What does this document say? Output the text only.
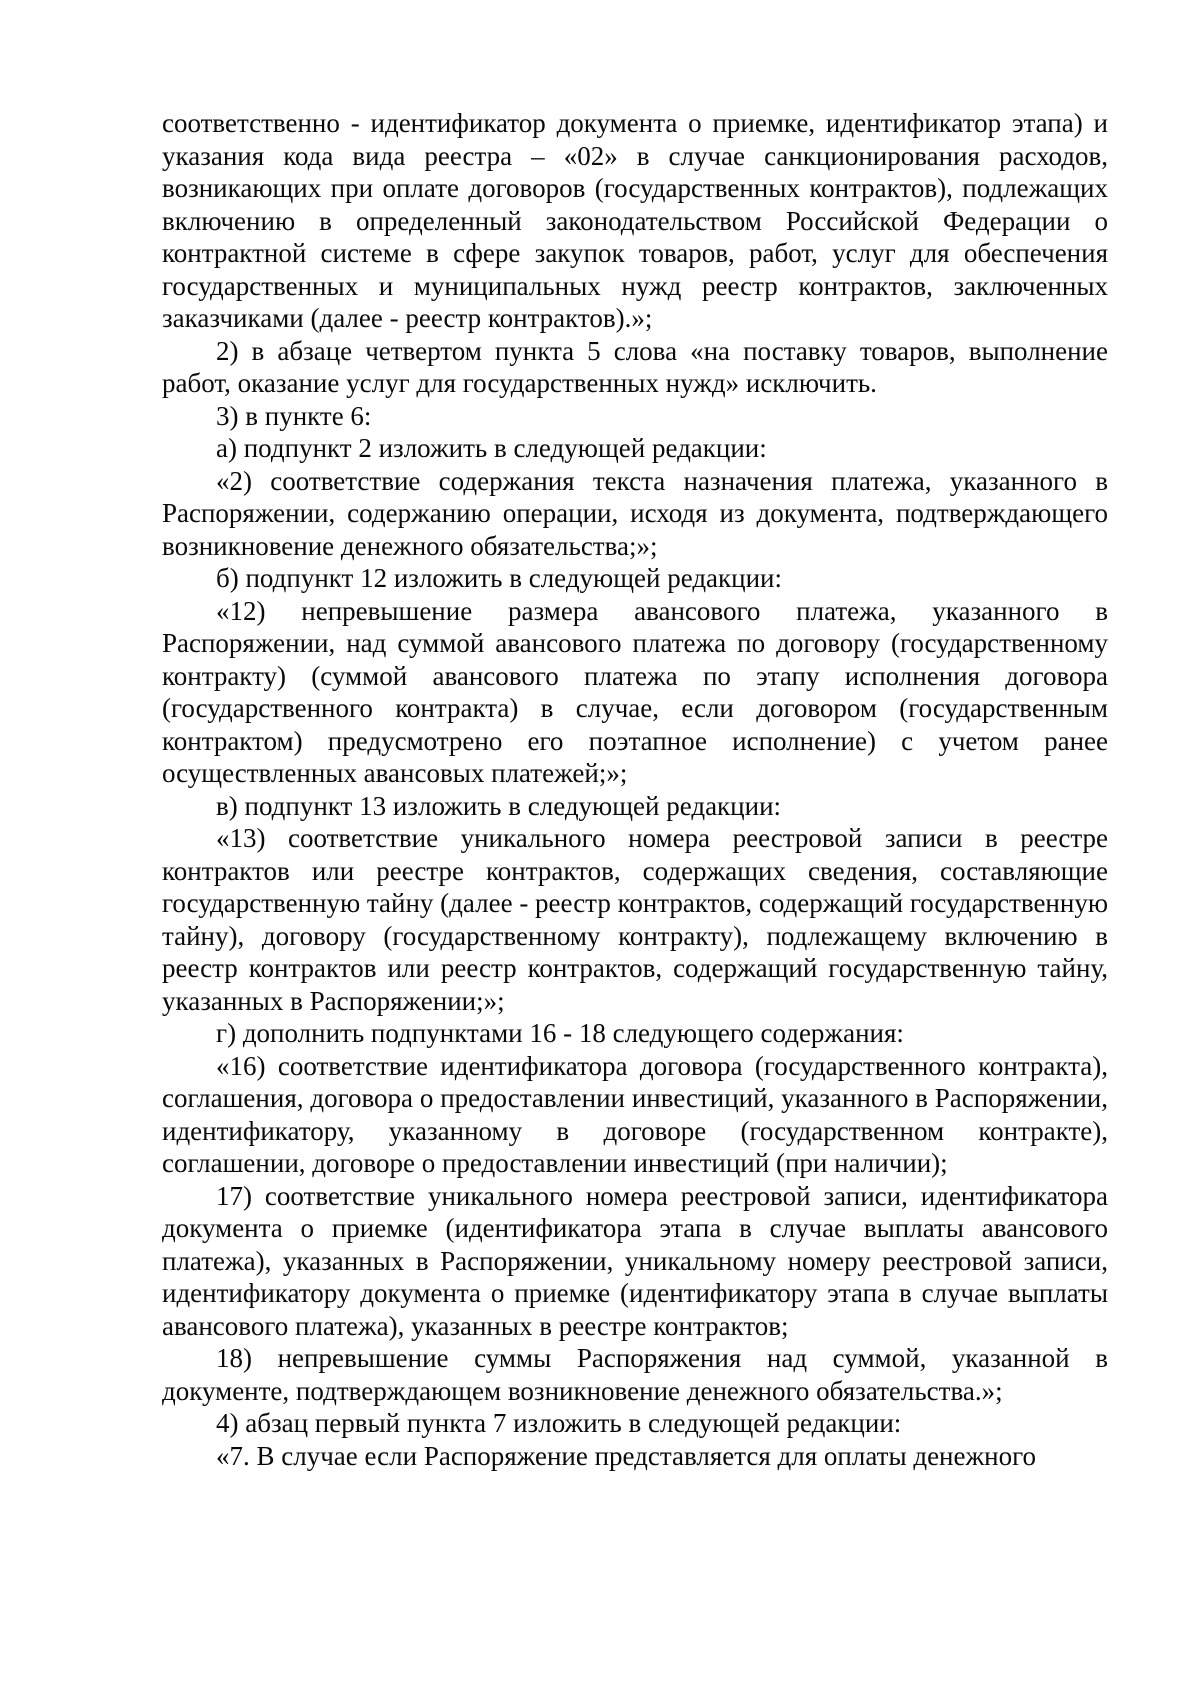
соответственно - идентификатор документа о приемке, идентификатор этапа) и указания кода вида реестра – «02» в случае санкционирования расходов, возникающих при оплате договоров (государственных контрактов), подлежащих включению в определенный законодательством Российской Федерации о контрактной системе в сфере закупок товаров, работ, услуг для обеспечения государственных и муниципальных нужд реестр контрактов, заключенных заказчиками (далее - реестр контрактов).»;

2) в абзаце четвертом пункта 5 слова «на поставку товаров, выполнение работ, оказание услуг для государственных нужд» исключить.

3) в пункте 6:

а) подпункт 2 изложить в следующей редакции:

«2) соответствие содержания текста назначения платежа, указанного в Распоряжении, содержанию операции, исходя из документа, подтверждающего возникновение денежного обязательства;»;

б) подпункт 12 изложить в следующей редакции:

«12) непревышение размера авансового платежа, указанного в Распоряжении, над суммой авансового платежа по договору (государственному контракту) (суммой авансового платежа по этапу исполнения договора (государственного контракта) в случае, если договором (государственным контрактом) предусмотрено его поэтапное исполнение) с учетом ранее осуществленных авансовых платежей;»;

в) подпункт 13 изложить в следующей редакции:

«13) соответствие уникального номера реестровой записи в реестре контрактов или реестре контрактов, содержащих сведения, составляющие государственную тайну (далее - реестр контрактов, содержащий государственную тайну), договору (государственному контракту), подлежащему включению в реестр контрактов или реестр контрактов, содержащий государственную тайну, указанных в Распоряжении;»;

г) дополнить подпунктами 16 - 18 следующего содержания:

«16) соответствие идентификатора договора (государственного контракта), соглашения, договора о предоставлении инвестиций, указанного в Распоряжении, идентификатору, указанному в договоре (государственном контракте), соглашении, договоре о предоставлении инвестиций (при наличии);

17) соответствие уникального номера реестровой записи, идентификатора документа о приемке (идентификатора этапа в случае выплаты авансового платежа), указанных в Распоряжении, уникальному номеру реестровой записи, идентификатору документа о приемке (идентификатору этапа в случае выплаты авансового платежа), указанных в реестре контрактов;

18) непревышение суммы Распоряжения над суммой, указанной в документе, подтверждающем возникновение денежного обязательства.»;

4) абзац первый пункта 7 изложить в следующей редакции:

«7. В случае если Распоряжение представляется для оплаты денежного
